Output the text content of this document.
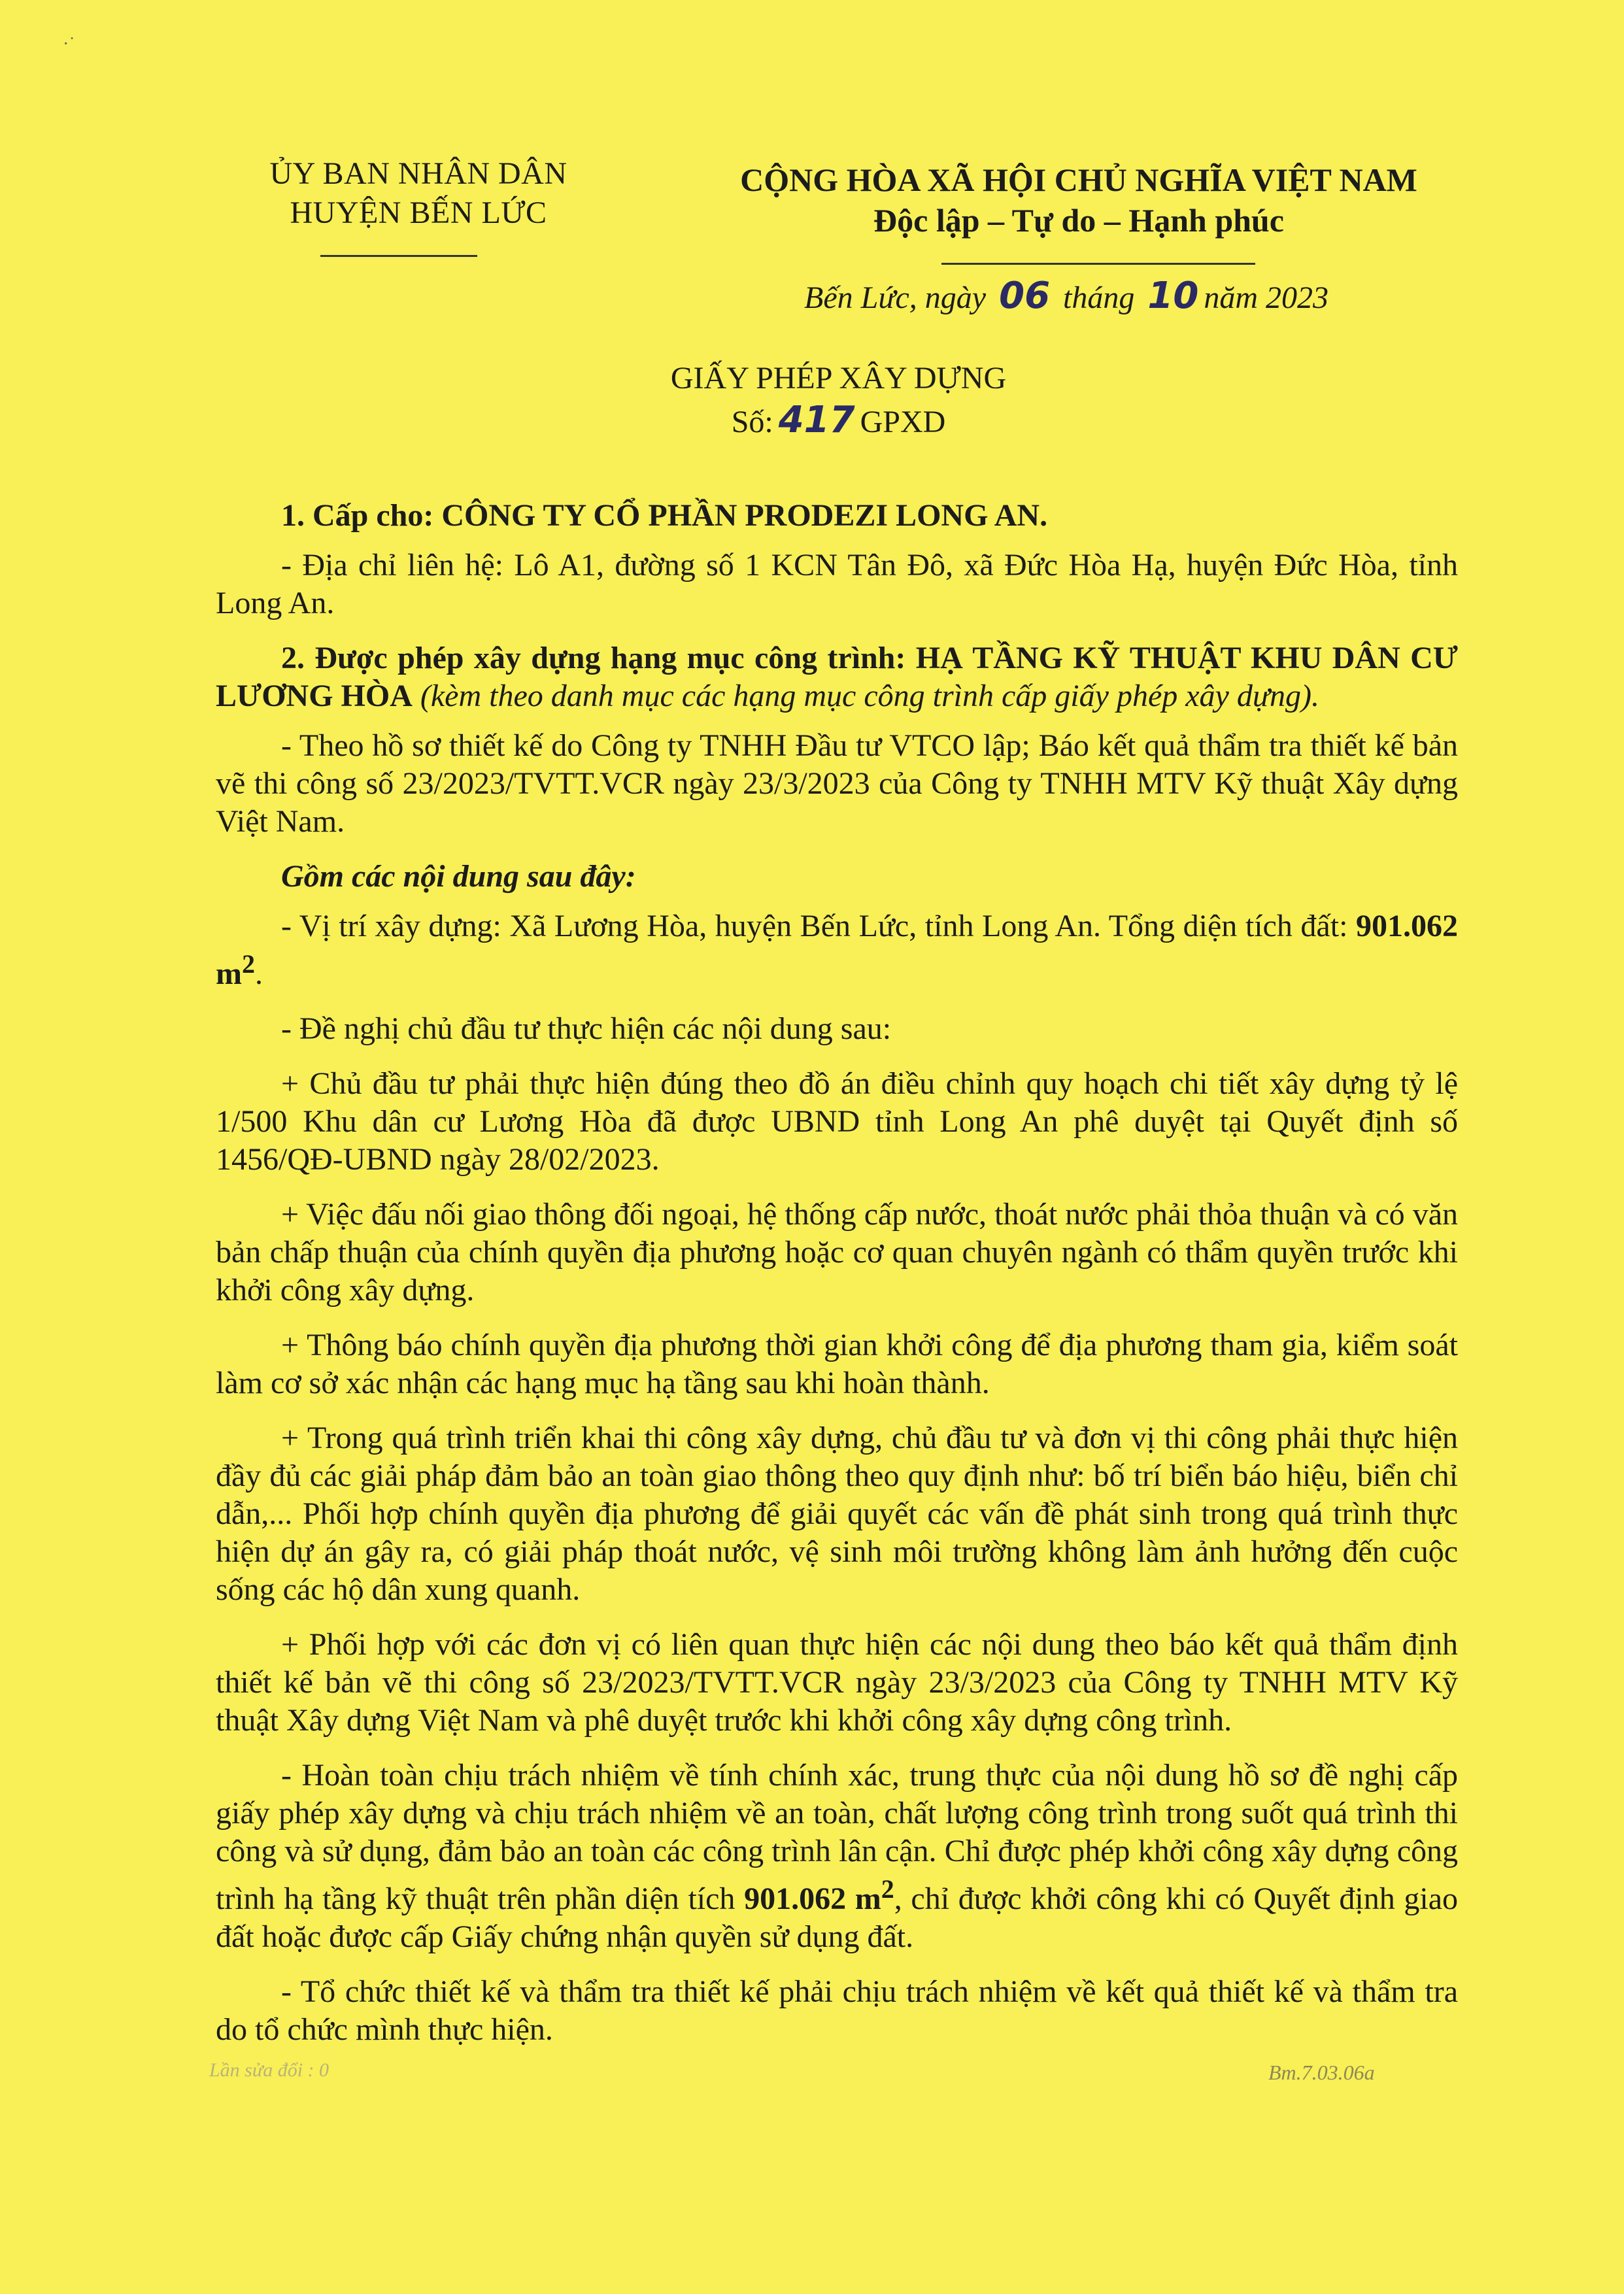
·˙
ỦY BAN NHÂN DÂN
HUYỆN BẾN LỨC
CỘNG HÒA XÃ HỘI CHỦ NGHĨA VIỆT NAM
Độc lập – Tự do – Hạnh phúc
Bến Lức, ngày 06 tháng 10 năm 2023
GIẤY PHÉP XÂY DỰNG
Số: 417 GPXD

1. Cấp cho: CÔNG TY CỔ PHẦN PRODEZI LONG AN.

- Địa chỉ liên hệ: Lô A1, đường số 1 KCN Tân Đô, xã Đức Hòa Hạ, huyện Đức Hòa, tỉnh Long An.

2. Được phép xây dựng hạng mục công trình: HẠ TẦNG KỸ THUẬT KHU DÂN CƯ LƯƠNG HÒA (kèm theo danh mục các hạng mục công trình cấp giấy phép xây dựng).

- Theo hồ sơ thiết kế do Công ty TNHH Đầu tư VTCO lập; Báo kết quả thẩm tra thiết kế bản vẽ thi công số 23/2023/TVTT.VCR ngày 23/3/2023 của Công ty TNHH MTV Kỹ thuật Xây dựng Việt Nam.

Gồm các nội dung sau đây:

- Vị trí xây dựng: Xã Lương Hòa, huyện Bến Lức, tỉnh Long An. Tổng diện tích đất: 901.062 $m^2$.

- Đề nghị chủ đầu tư thực hiện các nội dung sau:

+ Chủ đầu tư phải thực hiện đúng theo đồ án điều chỉnh quy hoạch chi tiết xây dựng tỷ lệ 1/500 Khu dân cư Lương Hòa đã được UBND tỉnh Long An phê duyệt tại Quyết định số 1456/QĐ-UBND ngày 28/02/2023.

+ Việc đấu nối giao thông đối ngoại, hệ thống cấp nước, thoát nước phải thỏa thuận và có văn bản chấp thuận của chính quyền địa phương hoặc cơ quan chuyên ngành có thẩm quyền trước khi khởi công xây dựng.

+ Thông báo chính quyền địa phương thời gian khởi công để địa phương tham gia, kiểm soát làm cơ sở xác nhận các hạng mục hạ tầng sau khi hoàn thành.

+ Trong quá trình triển khai thi công xây dựng, chủ đầu tư và đơn vị thi công phải thực hiện đầy đủ các giải pháp đảm bảo an toàn giao thông theo quy định như: bố trí biển báo hiệu, biển chỉ dẫn,... Phối hợp chính quyền địa phương để giải quyết các vấn đề phát sinh trong quá trình thực hiện dự án gây ra, có giải pháp thoát nước, vệ sinh môi trường không làm ảnh hưởng đến cuộc sống các hộ dân xung quanh.

+ Phối hợp với các đơn vị có liên quan thực hiện các nội dung theo báo kết quả thẩm định thiết kế bản vẽ thi công số 23/2023/TVTT.VCR ngày 23/3/2023 của Công ty TNHH MTV Kỹ thuật Xây dựng Việt Nam và phê duyệt trước khi khởi công xây dựng công trình.

- Hoàn toàn chịu trách nhiệm về tính chính xác, trung thực của nội dung hồ sơ đề nghị cấp giấy phép xây dựng và chịu trách nhiệm về an toàn, chất lượng công trình trong suốt quá trình thi công và sử dụng, đảm bảo an toàn các công trình lân cận. Chỉ được phép khởi công xây dựng công trình hạ tầng kỹ thuật trên phần diện tích 901.062 $m^2$, chỉ được khởi công khi có Quyết định giao đất hoặc được cấp Giấy chứng nhận quyền sử dụng đất.

- Tổ chức thiết kế và thẩm tra thiết kế phải chịu trách nhiệm về kết quả thiết kế và thẩm tra do tổ chức mình thực hiện.

Lần sửa đổi : 0	Bm.7.03.06a
